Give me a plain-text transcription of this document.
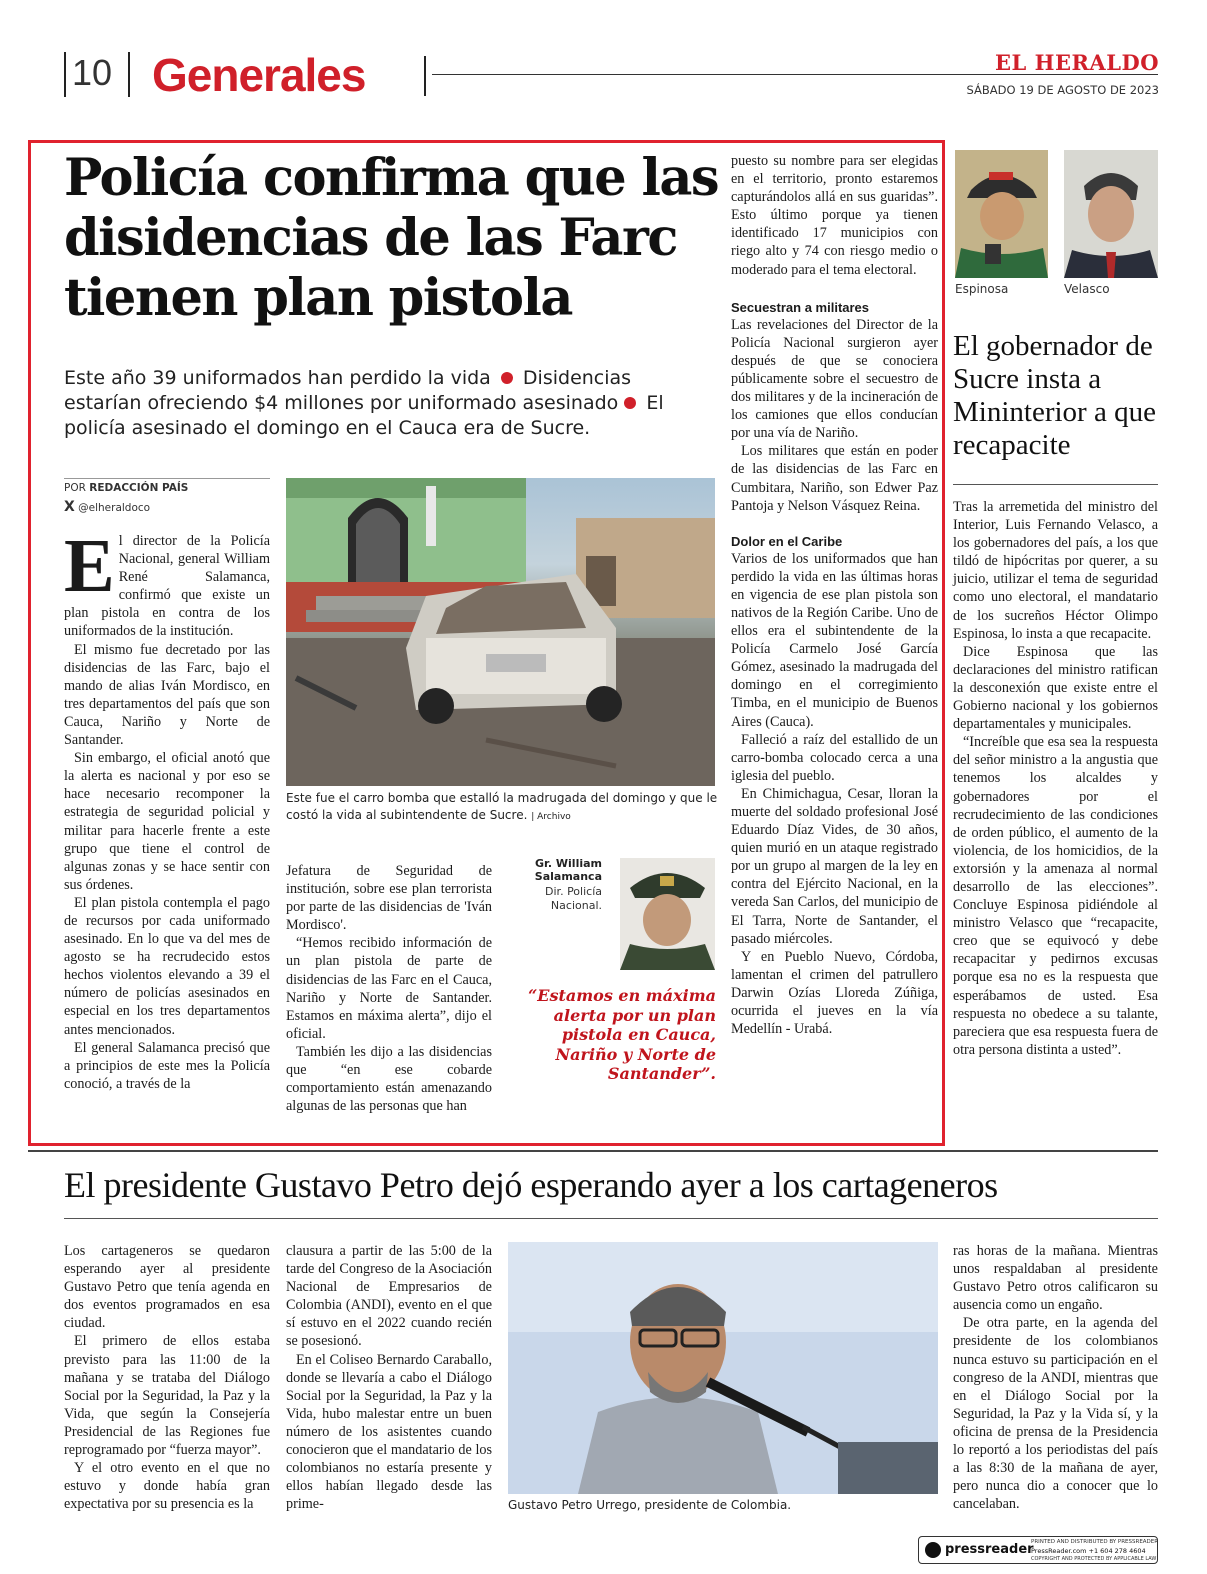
10 Generales	EL HERALDO
SÁBADO 19 DE AGOSTO DE 2023
Policía confirma que las disidencias de las Farc tienen plan pistola
Este año 39 uniformados han perdido la vida Disidencias estarían ofreciendo $4 millones por uniformado asesinado El policía asesinado el domingo en el Cauca era de Sucre.
POR REDACCIÓN PAÍS
X @elheraldoco
E l director de la Policía Nacional, general William René Salamanca, confirmó que existe un plan pistola en contra de los uniformados de la institución.

El mismo fue decretado por las disidencias de las Farc, bajo el mando de alias Iván Mordisco, en tres departamentos del país que son Cauca, Nariño y Norte de Santander.

Sin embargo, el oficial anotó que la alerta es nacional y por eso se hace necesario recomponer la estrategia de seguridad policial y militar para hacerle frente a este grupo que tiene el control de algunas zonas y se hace sentir con sus órdenes.

El plan pistola contempla el pago de recursos por cada uniformado asesinado. En lo que va del mes de agosto se ha recrudecido estos hechos violentos elevando a 39 el número de policías asesinados en especial en los tres departamentos antes mencionados.

El general Salamanca precisó que a principios de este mes la Policía conoció, a través de la

Este fue el carro bomba que estalló la madrugada del domingo y que le costó la vida al subintendente de Sucre. | Archivo

Jefatura de Seguridad de institución, sobre ese plan terrorista por parte de las disidencias de 'Iván Mordisco'.

“Hemos recibido información de un plan pistola de parte de disidencias de las Farc en el Cauca, Nariño y Norte de Santander. Estamos en máxima alerta”, dijo el oficial.

También les dijo a las disidencias que “en ese cobarde comportamiento están amenazando algunas de las personas que han

Gr. William Salamanca
Dir. Policía Nacional.
“Estamos en máxima alerta por un plan pistola en Cauca, Nariño y Norte de Santander”.

puesto su nombre para ser elegidas en el territorio, pronto estaremos capturándolos allá en sus guaridas”. Esto último porque ya tienen identificado 17 municipios con riego alto y 74 con riesgo medio o moderado para el tema electoral.

Secuestran a militares

Las revelaciones del Director de la Policía Nacional surgieron ayer después de que se conociera públicamente sobre el secuestro de dos militares y de la incineración de los camiones que ellos conducían por una vía de Nariño.

Los militares que están en poder de las disidencias de las Farc en Cumbitara, Nariño, son Edwer Paz Pantoja y Nelson Vásquez Reina.

Dolor en el Caribe

Varios de los uniformados que han perdido la vida en las últimas horas en vigencia de ese plan pistola son nativos de la Región Caribe. Uno de ellos era el subintendente de la Policía Carmelo José García Gómez, asesinado la madrugada del domingo en el corregimiento Timba, en el municipio de Buenos Aires (Cauca).

Falleció a raíz del estallido de un carro-bomba colocado cerca a una iglesia del pueblo.

En Chimichagua, Cesar, lloran la muerte del soldado profesional José Eduardo Díaz Vides, de 30 años, quien murió en un ataque registrado por un grupo al margen de la ley en contra del Ejército Nacional, en la vereda San Carlos, del municipio de El Tarra, Norte de Santander, el pasado miércoles.

Y en Pueblo Nuevo, Córdoba, lamentan el crimen del patrullero Darwin Ozías Lloreda Zúñiga, ocurrida el jueves en la vía Medellín - Urabá.

Espinosa	Velasco
El gobernador de Sucre insta a Mininterior a que recapacite

Tras la arremetida del ministro del Interior, Luis Fernando Velasco, a los gobernadores del país, a los que tildó de hipócritas por querer, a su juicio, utilizar el tema de seguridad como uno electoral, el mandatario de los sucreños Héctor Olimpo Espinosa, lo insta a que recapacite.

Dice Espinosa que las declaraciones del ministro ratifican la desconexión que existe entre el Gobierno nacional y los gobiernos departamentales y municipales.

“Increíble que esa sea la respuesta del señor ministro a la angustia que tenemos los alcaldes y gobernadores por el recrudecimiento de las condiciones de orden público, el aumento de la violencia, de los homicidios, de la extorsión y la amenaza al normal desarrollo de las elecciones”. Concluye Espinosa pidiéndole al ministro Velasco que “recapacite, creo que se equivocó y debe recapacitar y pedirnos excusas porque esa no es la respuesta que esperábamos de usted. Esa respuesta no obedece a su talante, pareciera que esa respuesta fuera de otra persona distinta a usted”.

El presidente Gustavo Petro dejó esperando ayer a los cartageneros

Los cartageneros se quedaron esperando ayer al presidente Gustavo Petro que tenía agenda en dos eventos programados en esa ciudad.

El primero de ellos estaba previsto para las 11:00 de la mañana y se trataba del Diálogo Social por la Seguridad, la Paz y la Vida, que según la Consejería Presidencial de las Regiones fue reprogramado por “fuerza mayor”.

Y el otro evento en el que no estuvo y donde había gran expectativa por su presencia es la

clausura a partir de las 5:00 de la tarde del Congreso de la Asociación Nacional de Empresarios de Colombia (ANDI), evento en el que sí estuvo en el 2022 cuando recién se posesionó.

En el Coliseo Bernardo Caraballo, donde se llevaría a cabo el Diálogo Social por la Seguridad, la Paz y la Vida, hubo malestar entre un buen número de los asistentes cuando conocieron que el mandatario de los colombianos no estaría presente y ellos habían llegado desde las prime-	Gustavo Petro Urrego, presidente de Colombia.

ras horas de la mañana. Mientras unos respaldaban al presidente Gustavo Petro otros calificaron su ausencia como un engaño.

De otra parte, en la agenda del presidente de los colombianos nunca estuvo su participación en el congreso de la ANDI, mientras que en el Diálogo Social por la Seguridad, la Paz y la Vida sí, y la oficina de prensa de la Presidencia lo reportó a los periodistas del país a las 8:30 de la mañana de ayer, pero nunca dio a conocer que lo cancelaban.

pressreader
PRINTED AND DISTRIBUTED BY PRESSREADER
PressReader.com +1 604 278 4604
COPYRIGHT AND PROTECTED BY APPLICABLE LAW
